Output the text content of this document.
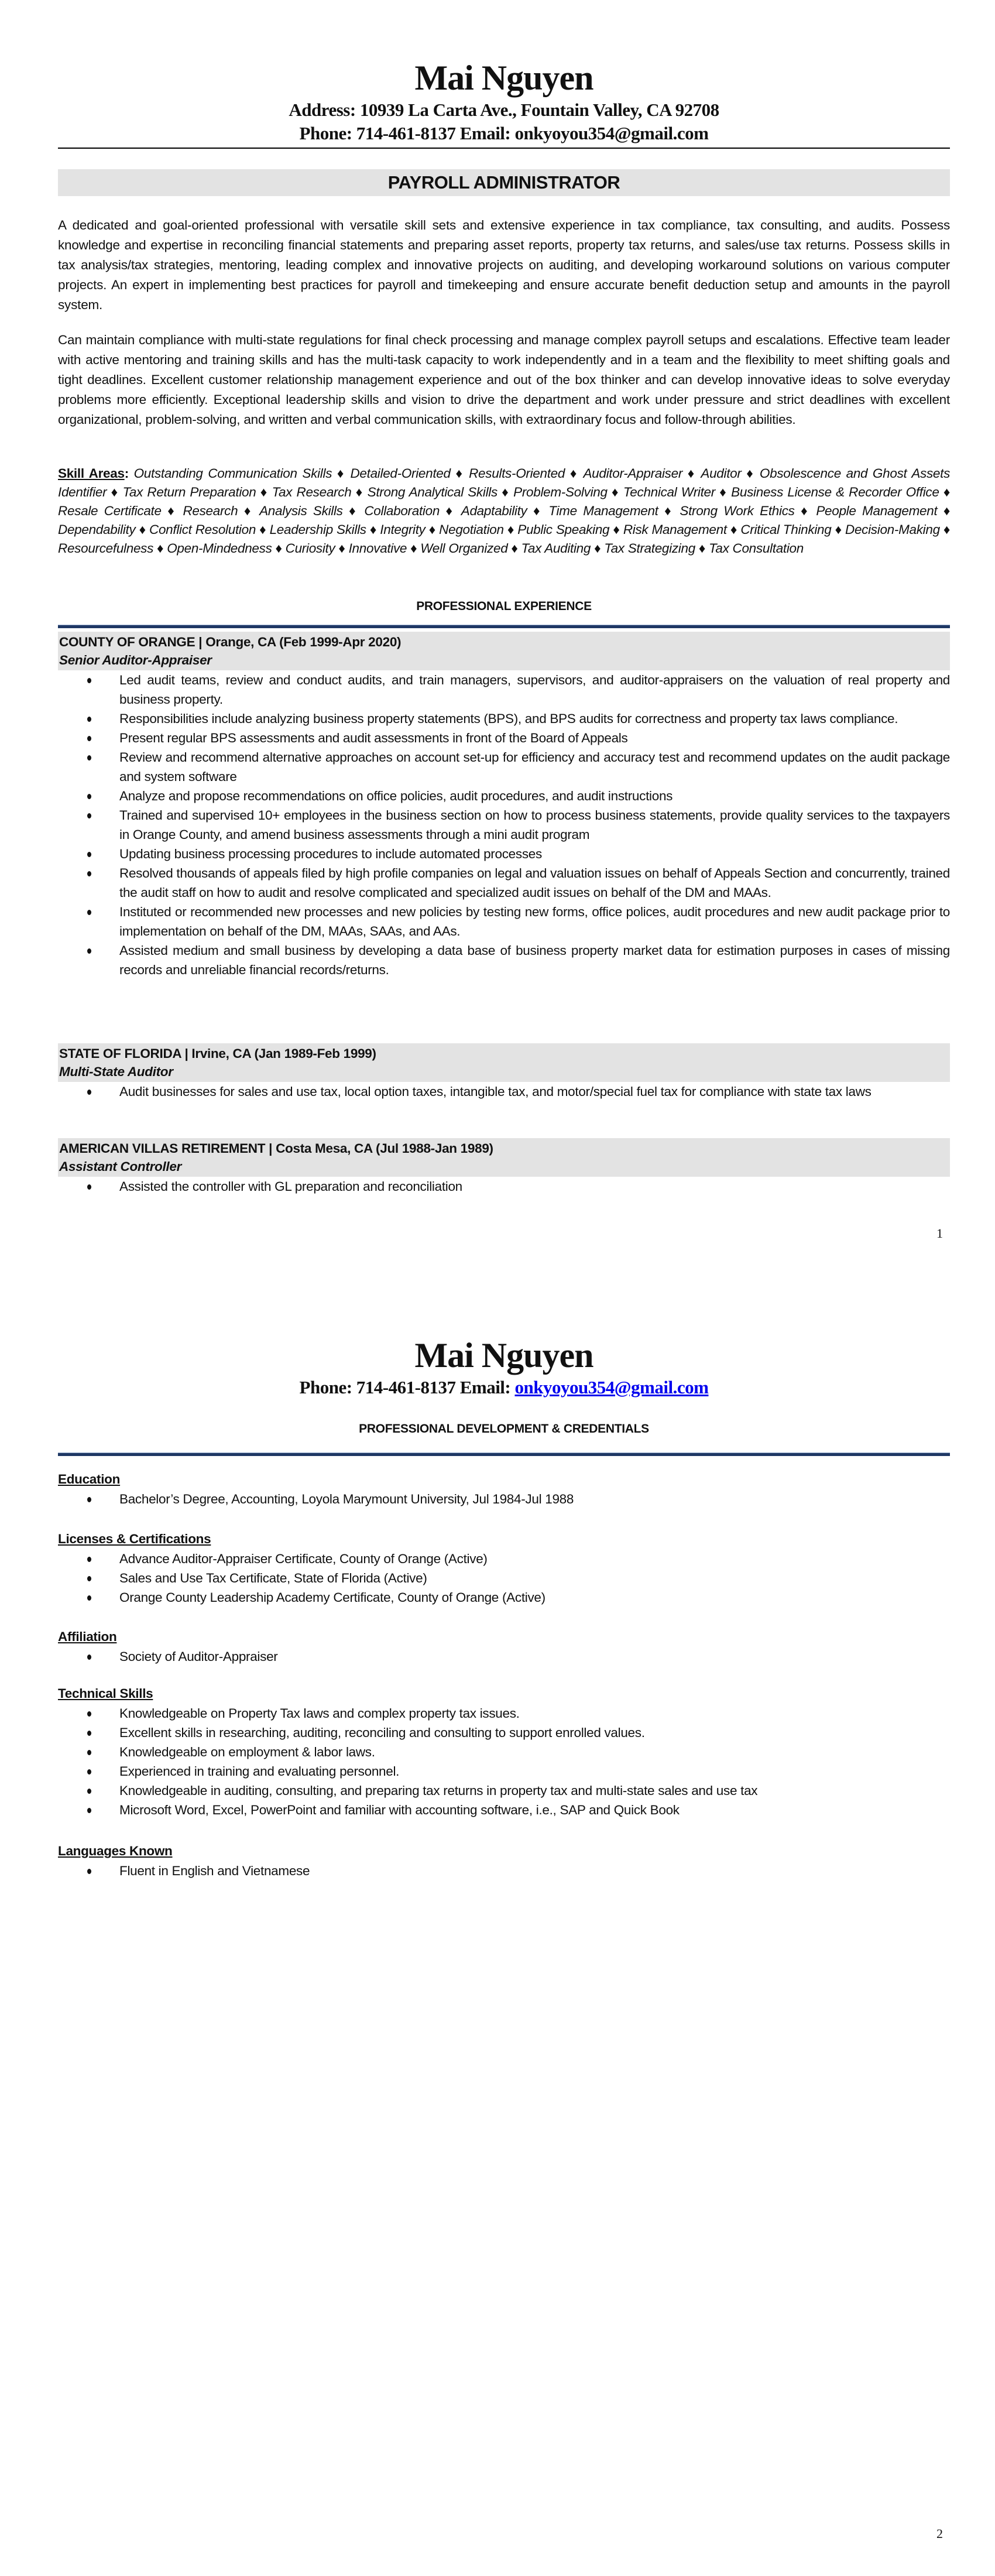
Mai Nguyen
Address: 10939 La Carta Ave., Fountain Valley, CA 92708
Phone: 714-461-8137 Email: onkyoyou354@gmail.com
PAYROLL ADMINISTRATOR

A dedicated and goal-oriented professional with versatile skill sets and extensive experience in tax compliance, tax consulting, and audits. Possess knowledge and expertise in reconciling financial statements and preparing asset reports, property tax returns, and sales/use tax returns. Possess skills in tax analysis/tax strategies, mentoring, leading complex and innovative projects on auditing, and developing workaround solutions on various computer projects. An expert in implementing best practices for payroll and timekeeping and ensure accurate benefit deduction setup and amounts in the payroll system.

Can maintain compliance with multi-state regulations for final check processing and manage complex payroll setups and escalations. Effective team leader with active mentoring and training skills and has the multi-task capacity to work independently and in a team and the flexibility to meet shifting goals and tight deadlines. Excellent customer relationship management experience and out of the box thinker and can develop innovative ideas to solve everyday problems more efficiently. Exceptional leadership skills and vision to drive the department and work under pressure and strict deadlines with excellent organizational, problem-solving, and written and verbal communication skills, with extraordinary focus and follow-through abilities.

Skill Areas: Outstanding Communication Skills ♦ Detailed-Oriented ♦ Results-Oriented ♦ Auditor-Appraiser ♦ Auditor ♦ Obsolescence and Ghost Assets Identifier ♦ Tax Return Preparation ♦ Tax Research ♦ Strong Analytical Skills ♦ Problem-Solving ♦ Technical Writer ♦ Business License & Recorder Office ♦ Resale Certificate ♦ Research ♦ Analysis Skills ♦ Collaboration ♦ Adaptability ♦ Time Management ♦ Strong Work Ethics ♦ People Management ♦ Dependability ♦ Conflict Resolution ♦ Leadership Skills ♦ Integrity ♦ Negotiation ♦ Public Speaking ♦ Risk Management ♦ Critical Thinking ♦ Decision-Making ♦ Resourcefulness ♦ Open-Mindedness ♦ Curiosity ♦ Innovative ♦ Well Organized ♦ Tax Auditing ♦ Tax Strategizing ♦ Tax Consultation
PROFESSIONAL EXPERIENCE
COUNTY OF ORANGE | Orange, CA (Feb 1999-Apr 2020)
Senior Auditor-Appraiser
Led audit teams, review and conduct audits, and train managers, supervisors, and auditor-appraisers on the valuation of real property and business property.
Responsibilities include analyzing business property statements (BPS), and BPS audits for correctness and property tax laws compliance.
Present regular BPS assessments and audit assessments in front of the Board of Appeals
Review and recommend alternative approaches on account set-up for efficiency and accuracy test and recommend updates on the audit package and system software
Analyze and propose recommendations on office policies, audit procedures, and audit instructions
Trained and supervised 10+ employees in the business section on how to process business statements, provide quality services to the taxpayers in Orange County, and amend business assessments through a mini audit program
Updating business processing procedures to include automated processes
Resolved thousands of appeals filed by high profile companies on legal and valuation issues on behalf of Appeals Section and concurrently, trained the audit staff on how to audit and resolve complicated and specialized audit issues on behalf of the DM and MAAs.
Instituted or recommended new processes and new policies by testing new forms, office polices, audit procedures and new audit package prior to implementation on behalf of the DM, MAAs, SAAs, and AAs.
Assisted medium and small business by developing a data base of business property market data for estimation purposes in cases of missing records and unreliable financial records/returns.
STATE OF FLORIDA | Irvine, CA (Jan 1989-Feb 1999)
Multi-State Auditor
Audit businesses for sales and use tax, local option taxes, intangible tax, and motor/special fuel tax for compliance with state tax laws
AMERICAN VILLAS RETIREMENT | Costa Mesa, CA (Jul 1988-Jan 1989)
Assistant Controller
Assisted the controller with GL preparation and reconciliation
1
Mai Nguyen
Phone: 714-461-8137 Email: onkyoyou354@gmail.com
PROFESSIONAL DEVELOPMENT & CREDENTIALS
Education
Bachelor’s Degree, Accounting, Loyola Marymount University, Jul 1984-Jul 1988
Licenses & Certifications
Advance Auditor-Appraiser Certificate, County of Orange (Active)
Sales and Use Tax Certificate, State of Florida (Active)
Orange County Leadership Academy Certificate, County of Orange (Active)
Affiliation
Society of Auditor-Appraiser
Technical Skills
Knowledgeable on Property Tax laws and complex property tax issues.
Excellent skills in researching, auditing, reconciling and consulting to support enrolled values.
Knowledgeable on employment & labor laws.
Experienced in training and evaluating personnel.
Knowledgeable in auditing, consulting, and preparing tax returns in property tax and multi-state sales and use tax
Microsoft Word, Excel, PowerPoint and familiar with accounting software, i.e., SAP and Quick Book
Languages Known
Fluent in English and Vietnamese
2
